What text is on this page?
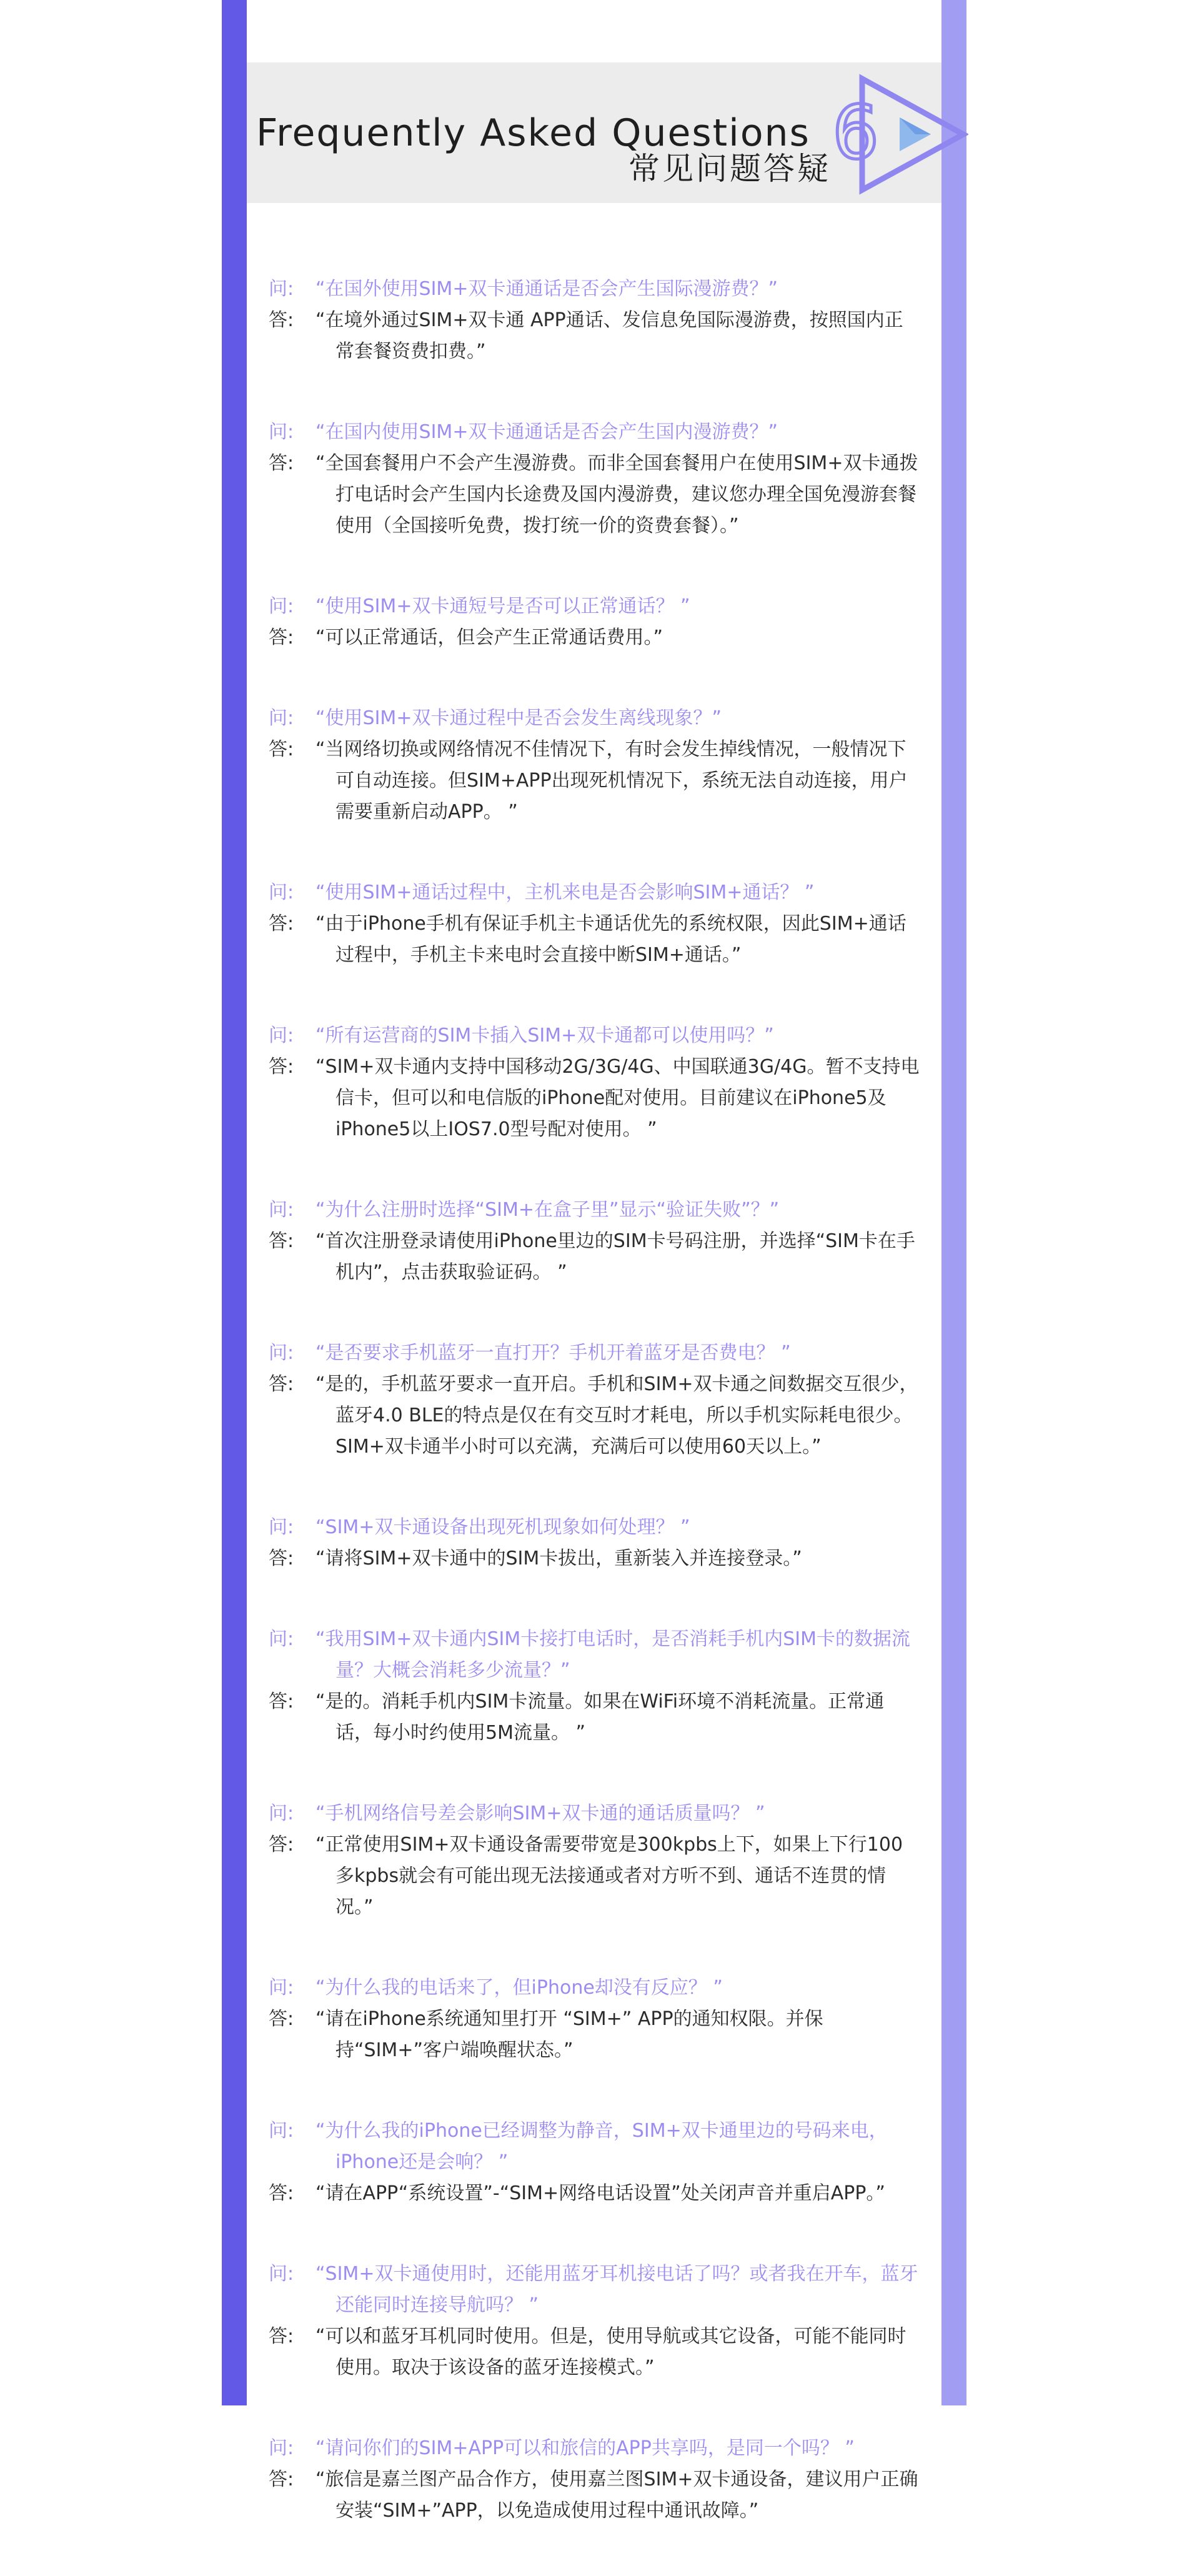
Frequently Asked Questions
常见问题答疑 6
问:	“在国外使用SIM+双卡通通话是否会产生国际漫游费？”
答:	“在境外通过SIM+双卡通 APP通话、发信息免国际漫游费，按照国内正常套餐资费扣费。”
问:	“在国内使用SIM+双卡通通话是否会产生国内漫游费？”
答:	“全国套餐用户不会产生漫游费。而非全国套餐用户在使用SIM+双卡通拨打电话时会产生国内长途费及国内漫游费，建议您办理全国免漫游套餐使用（全国接听免费，拨打统一价的资费套餐）。”
问:	“使用SIM+双卡通短号是否可以正常通话？ ”
答:	“可以正常通话，但会产生正常通话费用。”
问:	“使用SIM+双卡通过程中是否会发生离线现象？”
答:	“当网络切换或网络情况不佳情况下，有时会发生掉线情况，一般情况下可自动连接。但SIM+APP出现死机情况下，系统无法自动连接，用户需要重新启动APP。 ”
问:	“使用SIM+通话过程中，主机来电是否会影响SIM+通话？ ”
答:	“由于iPhone手机有保证手机主卡通话优先的系统权限，因此SIM+通话过程中，手机主卡来电时会直接中断SIM+通话。”
问:	“所有运营商的SIM卡插入SIM+双卡通都可以使用吗？”
答:	“SIM+双卡通内支持中国移动2G/3G/4G、中国联通3G/4G。暂不支持电信卡，但可以和电信版的iPhone配对使用。目前建议在iPhone5及iPhone5以上IOS7.0型号配对使用。 ”
问:	“为什么注册时选择“SIM+在盒子里”显示“验证失败”？”
答:	“首次注册登录请使用iPhone里边的SIM卡号码注册，并选择“SIM卡在手机内”，点击获取验证码。 ”
问:	“是否要求手机蓝牙一直打开？手机开着蓝牙是否费电？ ”
答:	“是的，手机蓝牙要求一直开启。手机和SIM+双卡通之间数据交互很少，蓝牙4.0 BLE的特点是仅在有交互时才耗电，所以手机实际耗电很少。SIM+双卡通半小时可以充满，充满后可以使用60天以上。”
问:	“SIM+双卡通设备出现死机现象如何处理？ ”
答:	“请将SIM+双卡通中的SIM卡拔出，重新装入并连接登录。”
问:	“我用SIM+双卡通内SIM卡接打电话时，是否消耗手机内SIM卡的数据流量？大概会消耗多少流量？”
答:	“是的。消耗手机内SIM卡流量。如果在WiFi环境不消耗流量。正常通话，每小时约使用5M流量。 ”
问:	“手机网络信号差会影响SIM+双卡通的通话质量吗？ ”
答:	“正常使用SIM+双卡通设备需要带宽是300kpbs上下，如果上下行100多kpbs就会有可能出现无法接通或者对方听不到、通话不连贯的情况。”
问:	“为什么我的电话来了，但iPhone却没有反应？ ”
答:	“请在iPhone系统通知里打开 “SIM+” APP的通知权限。并保持“SIM+”客户端唤醒状态。”
问:	“为什么我的iPhone已经调整为静音，SIM+双卡通里边的号码来电，iPhone还是会响？ ”
答:	“请在APP“系统设置”-“SIM+网络电话设置”处关闭声音并重启APP。”
问:	“SIM+双卡通使用时，还能用蓝牙耳机接电话了吗？或者我在开车，蓝牙还能同时连接导航吗？ ”
答:	“可以和蓝牙耳机同时使用。但是，使用导航或其它设备，可能不能同时使用。取决于该设备的蓝牙连接模式。”
问:	“请问你们的SIM+APP可以和旅信的APP共享吗，是同一个吗？ ”
答:	“旅信是嘉兰图产品合作方，使用嘉兰图SIM+双卡通设备，建议用户正确安装“SIM+”APP，以免造成使用过程中通讯故障。”
